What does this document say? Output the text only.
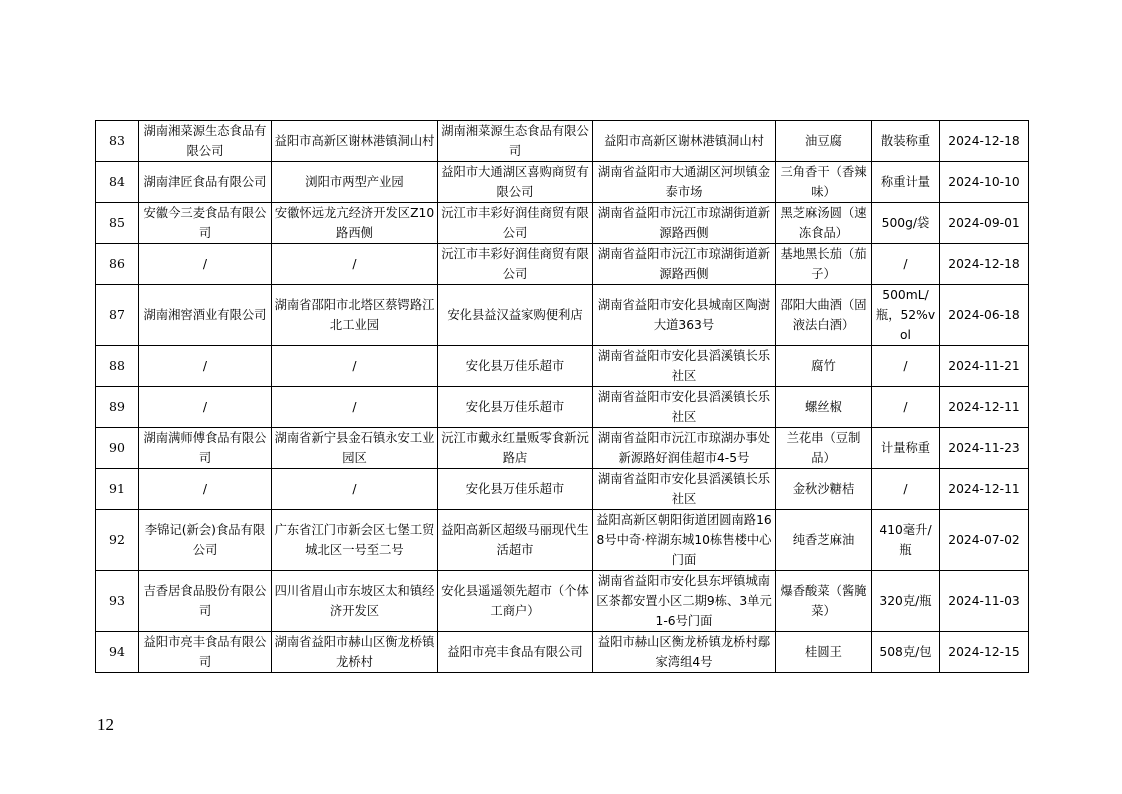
83	湖南湘菜源生态食品有限公司	益阳市高新区谢林港镇洞山村	湖南湘菜源生态食品有限公司	益阳市高新区谢林港镇洞山村	油豆腐	散装称重	2024-12-18
84	湖南津匠食品有限公司	浏阳市两型产业园	益阳市大通湖区喜购商贸有限公司	湖南省益阳市大通湖区河坝镇金泰市场	三角香干（香辣味）	称重计量	2024-10-10
85	安徽今三麦食品有限公司	安徽怀远龙亢经济开发区Z10路西侧	沅江市丰彩好润佳商贸有限公司	湖南省益阳市沅江市琼湖街道新源路西侧	黑芝麻汤圆（速冻食品）	500g/袋	2024-09-01
86	/	/	沅江市丰彩好润佳商贸有限公司	湖南省益阳市沅江市琼湖街道新源路西侧	基地黑长茄（茄子）	/	2024-12-18
87	湖南湘窖酒业有限公司	湖南省邵阳市北塔区蔡锷路江北工业园	安化县益汉益家购便利店	湖南省益阳市安化县城南区陶澍大道363号	邵阳大曲酒（固液法白酒）	500mL/瓶，52%vol	2024-06-18
88	/	/	安化县万佳乐超市	湖南省益阳市安化县滔溪镇长乐社区	腐竹	/	2024-11-21
89	/	/	安化县万佳乐超市	湖南省益阳市安化县滔溪镇长乐社区	螺丝椒	/	2024-12-11
90	湖南满师傅食品有限公司	湖南省新宁县金石镇永安工业园区	沅江市戴永红量贩零食新沅路店	湖南省益阳市沅江市琼湖办事处新源路好润佳超市4-5号	兰花串（豆制品）	计量称重	2024-11-23
91	/	/	安化县万佳乐超市	湖南省益阳市安化县滔溪镇长乐社区	金秋沙糖桔	/	2024-12-11
92	李锦记(新会)食品有限公司	广东省江门市新会区七堡工贸城北区一号至二号	益阳高新区超级马丽现代生活超市	益阳高新区朝阳街道团圆南路168号中奇·梓湖东城10栋售楼中心门面	纯香芝麻油	410毫升/瓶	2024-07-02
93	吉香居食品股份有限公司	四川省眉山市东坡区太和镇经济开发区	安化县遥遥领先超市（个体工商户）	湖南省益阳市安化县东坪镇城南区茶都安置小区二期9栋、3单元1-6号门面	爆香酸菜（酱腌菜）	320克/瓶	2024-11-03
94	益阳市亮丰食品有限公司	湖南省益阳市赫山区衡龙桥镇龙桥村	益阳市亮丰食品有限公司	益阳市赫山区衡龙桥镇龙桥村鄢家湾组4号	桂圆王	508克/包	2024-12-15
12
